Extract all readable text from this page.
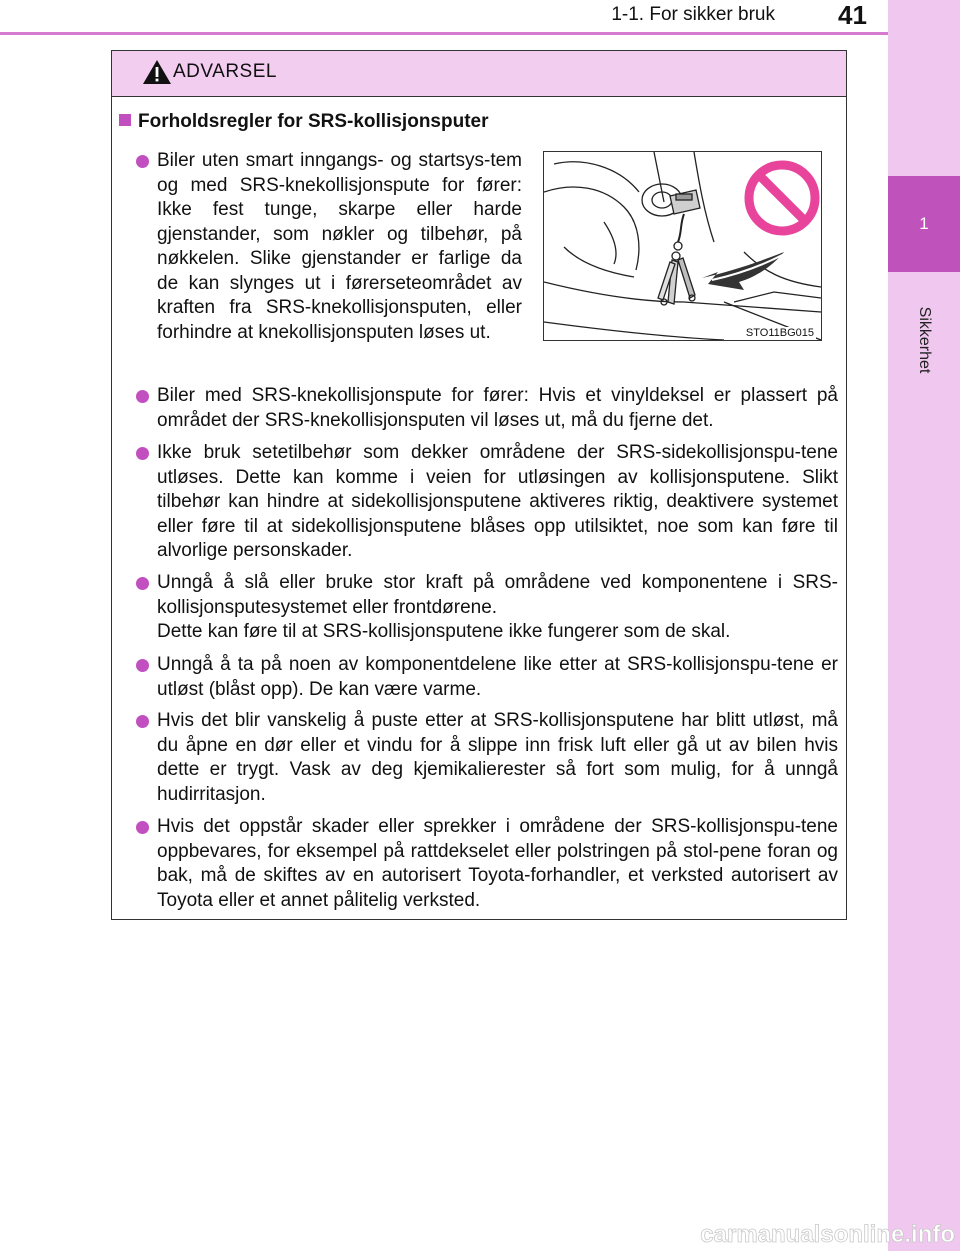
1-1. For sikker bruk 41
1
Sikkerhet
ADVARSEL
Forholdsregler for SRS-kollisjonsputer

Biler uten smart inngangs- og startsys-tem og med SRS-knekollisjonspute for fører: Ikke fest tunge, skarpe eller harde gjenstander, som nøkler og tilbehør, på nøkkelen. Slike gjenstander er farlige da de kan slynges ut i førerseteområdet av kraften fra SRS-knekollisjonsputen, eller forhindre at knekollisjonsputen løses ut.	STO11BG015

Biler med SRS-knekollisjonspute for fører: Hvis et vinyldeksel er plassert på området der SRS-knekollisjonsputen vil løses ut, må du fjerne det.

Ikke bruk setetilbehør som dekker områdene der SRS-sidekollisjonspu-tene utløses. Dette kan komme i veien for utløsingen av kollisjonsputene. Slikt tilbehør kan hindre at sidekollisjonsputene aktiveres riktig, deaktivere systemet eller føre til at sidekollisjonsputene blåses opp utilsiktet, noe som kan føre til alvorlige personskader.

Unngå å slå eller bruke stor kraft på områdene ved komponentene i SRS-kollisjonsputesystemet eller frontdørene.

Dette kan føre til at SRS-kollisjonsputene ikke fungerer som de skal.

Unngå å ta på noen av komponentdelene like etter at SRS-kollisjonspu-tene er utløst (blåst opp). De kan være varme.

Hvis det blir vanskelig å puste etter at SRS-kollisjonsputene har blitt utløst, må du åpne en dør eller et vindu for å slippe inn frisk luft eller gå ut av bilen hvis dette er trygt. Vask av deg kjemikalierester så fort som mulig, for å unngå hudirritasjon.

Hvis det oppstår skader eller sprekker i områdene der SRS-kollisjonspu-tene oppbevares, for eksempel på rattdekselet eller polstringen på stol-pene foran og bak, må de skiftes av en autorisert Toyota-forhandler, et verksted autorisert av Toyota eller et annet pålitelig verksted.

carmanualsonline.info
